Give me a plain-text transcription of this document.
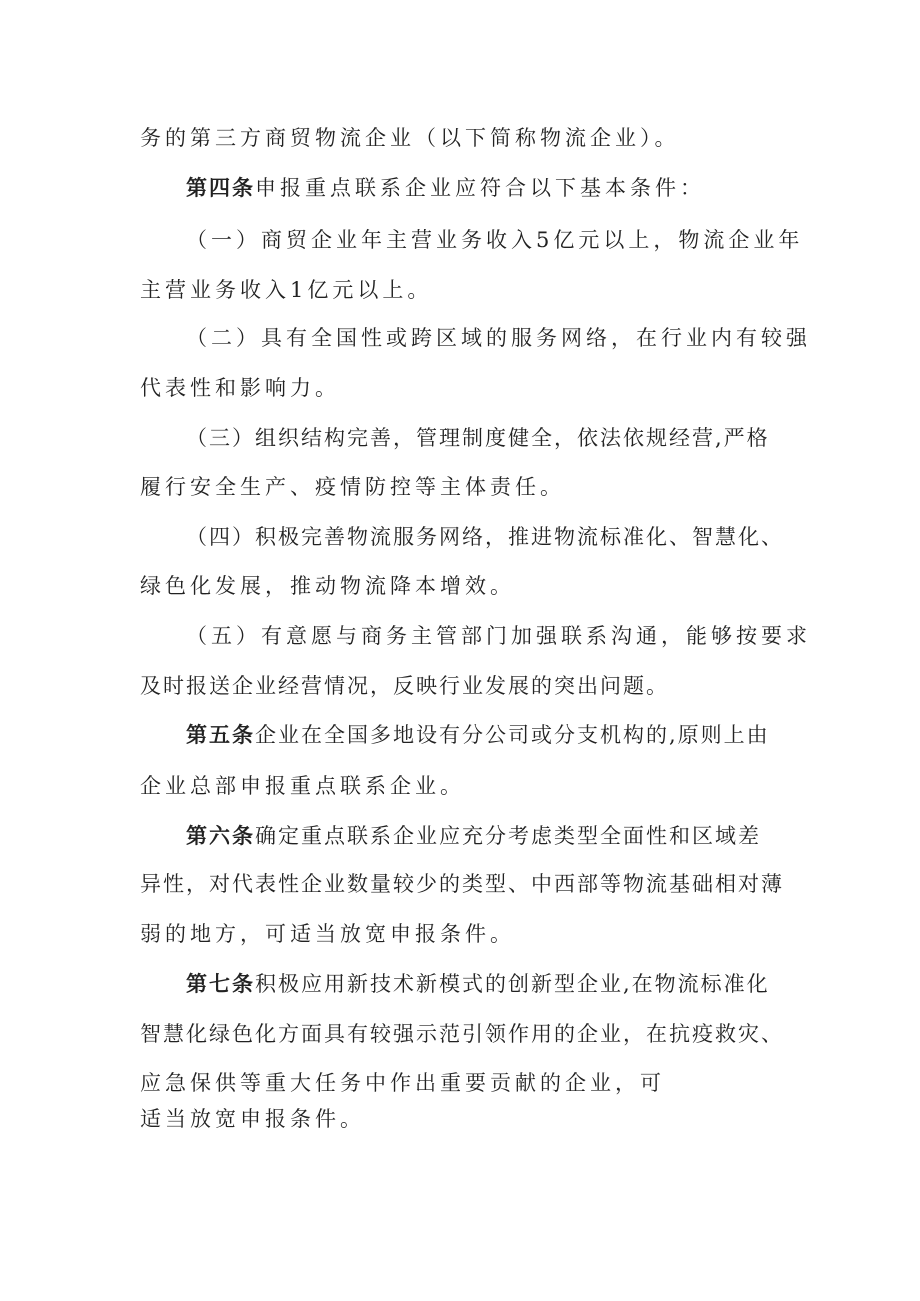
务的第三方商贸物流企业（以下简称物流企业）。
第四条申报重点联系企业应符合以下基本条件：
（一）商贸企业年主营业务收入5亿元以上，物流企业年
主营业务收入1亿元以上。
（二）具有全国性或跨区域的服务网络，在行业内有较强
代表性和影响力。
（三）组织结构完善，管理制度健全，依法依规经营,严格
履行安全生产、疫情防控等主体责任。
（四）积极完善物流服务网络，推进物流标准化、智慧化、
绿色化发展，推动物流降本增效。
（五）有意愿与商务主管部门加强联系沟通，能够按要求
及时报送企业经营情况，反映行业发展的突出问题。
第五条企业在全国多地设有分公司或分支机构的,原则上由
企业总部申报重点联系企业。
第六条确定重点联系企业应充分考虑类型全面性和区域差
异性，对代表性企业数量较少的类型、中西部等物流基础相对薄
弱的地方，可适当放宽申报条件。
第七条积极应用新技术新模式的创新型企业,在物流标准化
智慧化绿色化方面具有较强示范引领作用的企业，在抗疫救灾、
应急保供等重大任务中作出重要贡献的企业，可
适当放宽申报条件。
